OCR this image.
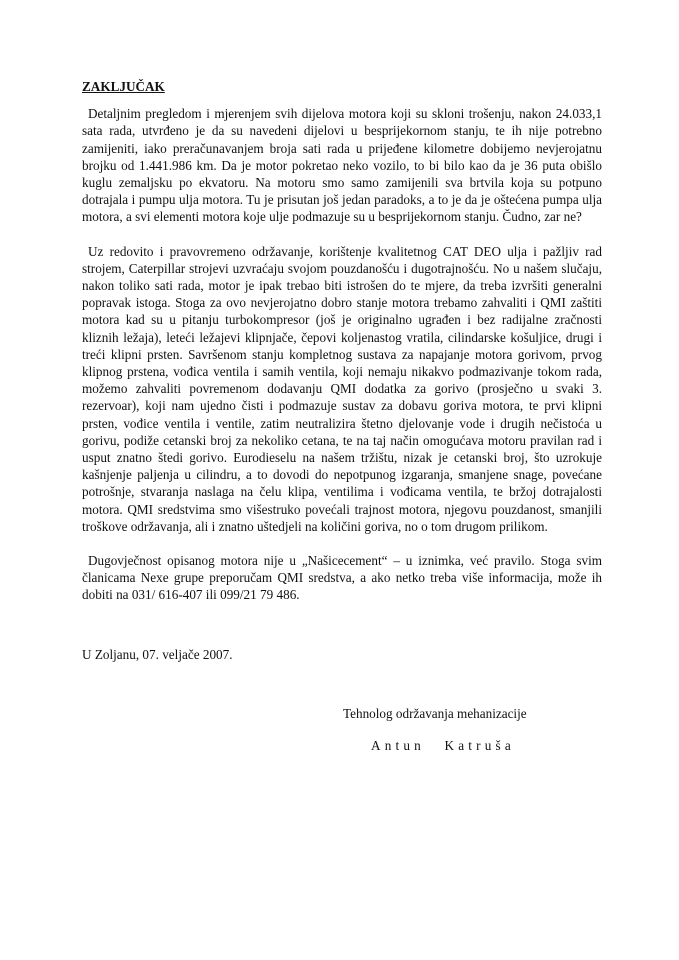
ZAKLJUČAK

Detaljnim pregledom i mjerenjem svih dijelova motora koji su skloni trošenju, nakon 24.033,1 sata rada, utvrđeno je da su navedeni dijelovi u besprijekornom stanju, te ih nije potrebno zamijeniti, iako preračunavanjem broja sati rada u prijeđene kilometre dobijemo nevjerojatnu brojku od 1.441.986 km. Da je motor pokretao neko vozilo, to bi bilo kao da je 36 puta obišlo kuglu zemaljsku po ekvatoru. Na motoru smo samo zamijenili sva brtvila koja su potpuno dotrajala i pumpu ulja motora. Tu je prisutan još jedan paradoks, a to je da je oštećena pumpa ulja motora, a svi elementi motora koje ulje podmazuje su u besprijekornom stanju. Čudno, zar ne?

Uz redovito i pravovremeno održavanje, korištenje kvalitetnog CAT DEO ulja i pažljiv rad strojem, Caterpillar strojevi uzvraćaju svojom pouzdanošću i dugotrajnošću. No u našem slučaju, nakon toliko sati rada, motor je ipak trebao biti istrošen do te mjere, da treba izvršiti generalni popravak istoga. Stoga za ovo nevjerojatno dobro stanje motora trebamo zahvaliti i QMI zaštiti motora kad su u pitanju turbokompresor (još je originalno ugrađen i bez radijalne zračnosti kliznih ležaja), leteći ležajevi klipnjače, čepovi koljenastog vratila, cilindarske košuljice, drugi i treći klipni prsten. Savršenom stanju kompletnog sustava za napajanje motora gorivom, prvog klipnog prstena, vođica ventila i samih ventila, koji nemaju nikakvo podmazivanje tokom rada, možemo zahvaliti povremenom dodavanju QMI dodatka za gorivo (prosječno u svaki 3. rezervoar), koji nam ujedno čisti i podmazuje sustav za dobavu goriva motora, te prvi klipni prsten, vođice ventila i ventile, zatim neutralizira štetno djelovanje vode i drugih nečistoća u gorivu, podiže cetanski broj za nekoliko cetana, te na taj način omogućava motoru pravilan rad i usput znatno štedi gorivo. Eurodieselu na našem tržištu, nizak je cetanski broj, što uzrokuje kašnjenje paljenja u cilindru, a to dovodi do nepotpunog izgaranja, smanjene snage, povećane potrošnje, stvaranja naslaga na čelu klipa, ventilima i vođicama ventila, te bržoj dotrajalosti motora. QMI sredstvima smo višestruko povećali trajnost motora, njegovu pouzdanost, smanjili troškove održavanja, ali i znatno uštedjeli na količini goriva, no o tom drugom prilikom.

Dugovječnost opisanog motora nije u „Našicecement“ – u iznimka, već pravilo. Stoga svim članicama Nexe grupe preporučam QMI sredstva, a ako netko treba više informacija, može ih dobiti na 031/ 616-407 ili 099/21 79 486.

U Zoljanu, 07. veljače 2007.

Tehnolog održavanja mehanizacije

Antun Katruša
